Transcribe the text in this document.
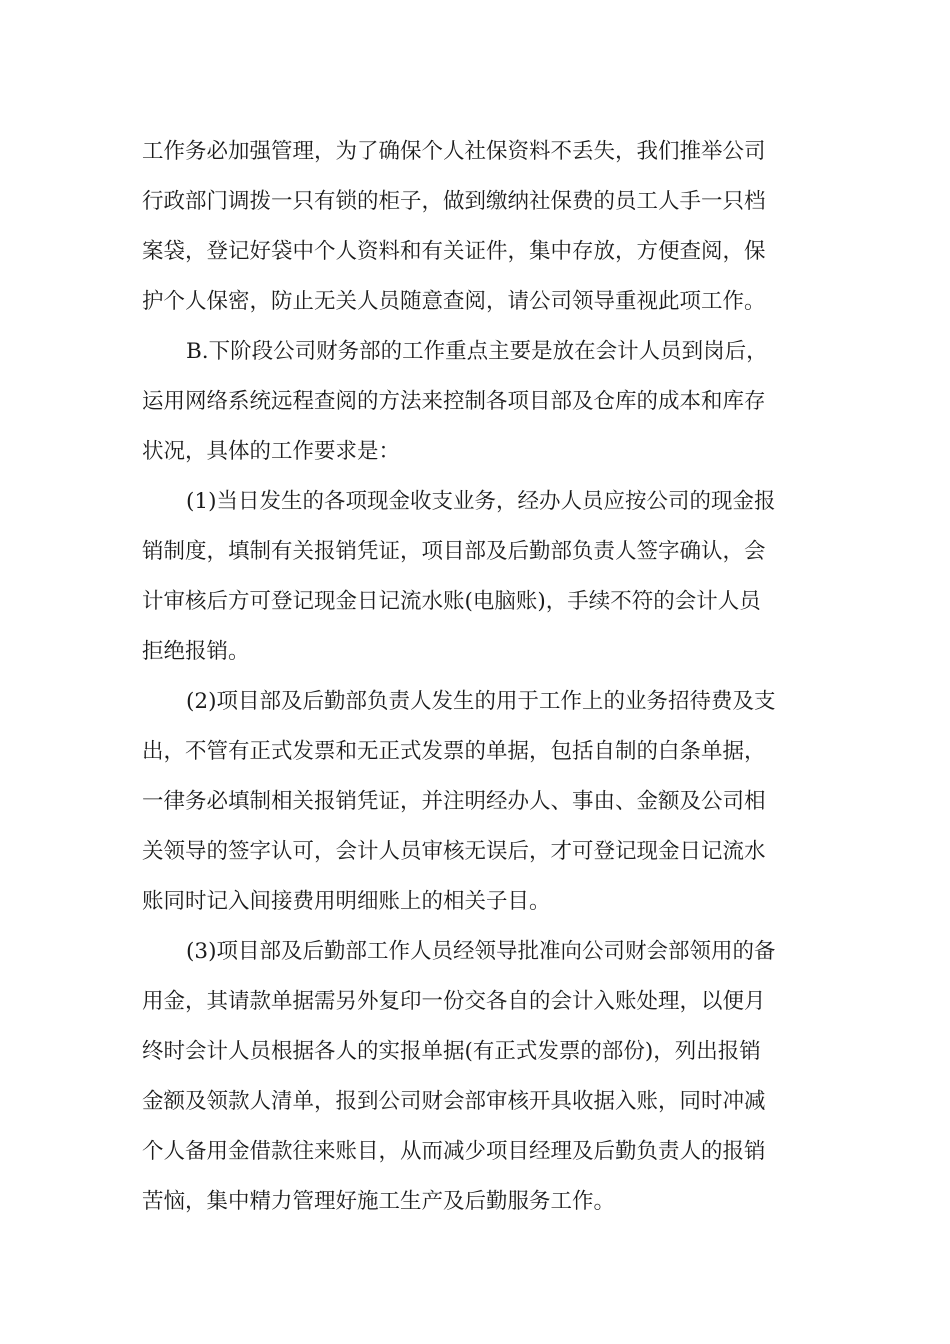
工作务必加强管理，为了确保个人社保资料不丢失，我们推举公司
行政部门调拨一只有锁的柜子，做到缴纳社保费的员工人手一只档
案袋，登记好袋中个人资料和有关证件，集中存放，方便查阅，保
护个人保密，防止无关人员随意查阅，请公司领导重视此项工作。
B.下阶段公司财务部的工作重点主要是放在会计人员到岗后，
运用网络系统远程查阅的方法来控制各项目部及仓库的成本和库存
状况，具体的工作要求是：
(1)当日发生的各项现金收支业务，经办人员应按公司的现金报
销制度，填制有关报销凭证，项目部及后勤部负责人签字确认，会
计审核后方可登记现金日记流水账(电脑账)，手续不符的会计人员
拒绝报销。
(2)项目部及后勤部负责人发生的用于工作上的业务招待费及支
出，不管有正式发票和无正式发票的单据，包括自制的白条单据，
一律务必填制相关报销凭证，并注明经办人、事由、金额及公司相
关领导的签字认可，会计人员审核无误后，才可登记现金日记流水
账同时记入间接费用明细账上的相关子目。
(3)项目部及后勤部工作人员经领导批准向公司财会部领用的备
用金，其请款单据需另外复印一份交各自的会计入账处理，以便月
终时会计人员根据各人的实报单据(有正式发票的部份)，列出报销
金额及领款人清单，报到公司财会部审核开具收据入账，同时冲减
个人备用金借款往来账目，从而减少项目经理及后勤负责人的报销
苦恼，集中精力管理好施工生产及后勤服务工作。
